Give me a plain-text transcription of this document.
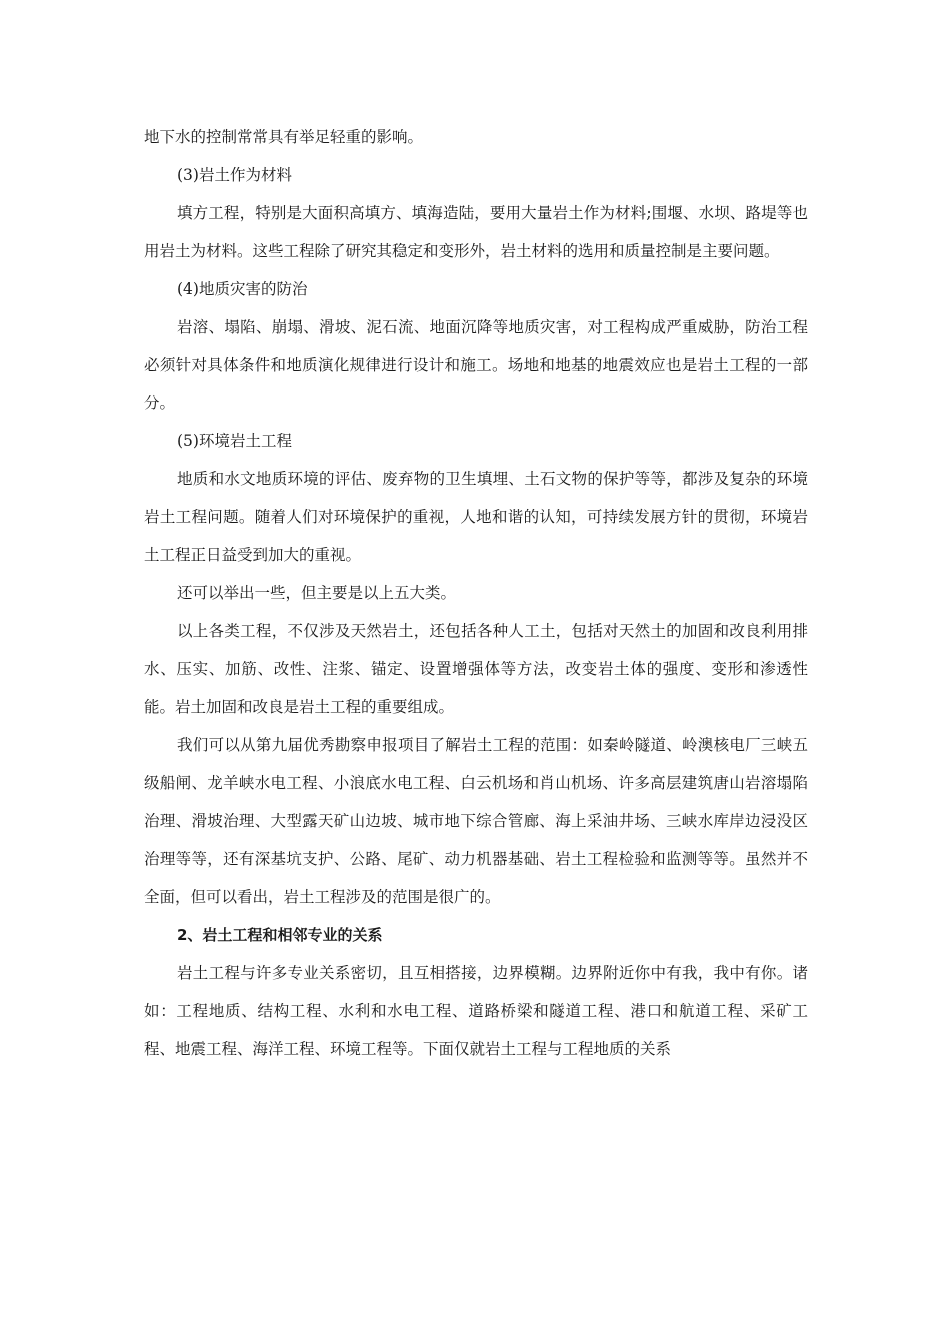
地下水的控制常常具有举足轻重的影响。

(3)岩土作为材料

填方工程，特别是大面积高填方、填海造陆，要用大量岩土作为材料;围堰、水坝、路堤等也用岩土为材料。这些工程除了研究其稳定和变形外，岩土材料的选用和质量控制是主要问题。

(4)地质灾害的防治

岩溶、塌陷、崩塌、滑坡、泥石流、地面沉降等地质灾害，对工程构成严重威胁，防治工程必须针对具体条件和地质演化规律进行设计和施工。场地和地基的地震效应也是岩土工程的一部分。

(5)环境岩土工程

地质和水文地质环境的评估、废弃物的卫生填埋、土石文物的保护等等，都涉及复杂的环境岩土工程问题。随着人们对环境保护的重视，人地和谐的认知，可持续发展方针的贯彻，环境岩土工程正日益受到加大的重视。

还可以举出一些，但主要是以上五大类。

以上各类工程，不仅涉及天然岩土，还包括各种人工土，包括对天然土的加固和改良利用排水、压实、加筋、改性、注浆、锚定、设置增强体等方法，改变岩土体的强度、变形和渗透性能。岩土加固和改良是岩土工程的重要组成。

我们可以从第九届优秀勘察申报项目了解岩土工程的范围：如秦岭隧道、岭澳核电厂三峡五级船闸、龙羊峡水电工程、小浪底水电工程、白云机场和肖山机场、许多高层建筑唐山岩溶塌陷治理、滑坡治理、大型露天矿山边坡、城市地下综合管廊、海上采油井场、三峡水库岸边浸没区治理等等，还有深基坑支护、公路、尾矿、动力机器基础、岩土工程检验和监测等等。虽然并不全面，但可以看出，岩土工程涉及的范围是很广的。

2、岩土工程和相邻专业的关系

岩土工程与许多专业关系密切，且互相搭接，边界模糊。边界附近你中有我，我中有你。诸如：工程地质、结构工程、水利和水电工程、道路桥梁和隧道工程、港口和航道工程、采矿工程、地震工程、海洋工程、环境工程等。下面仅就岩土工程与工程地质的关系
